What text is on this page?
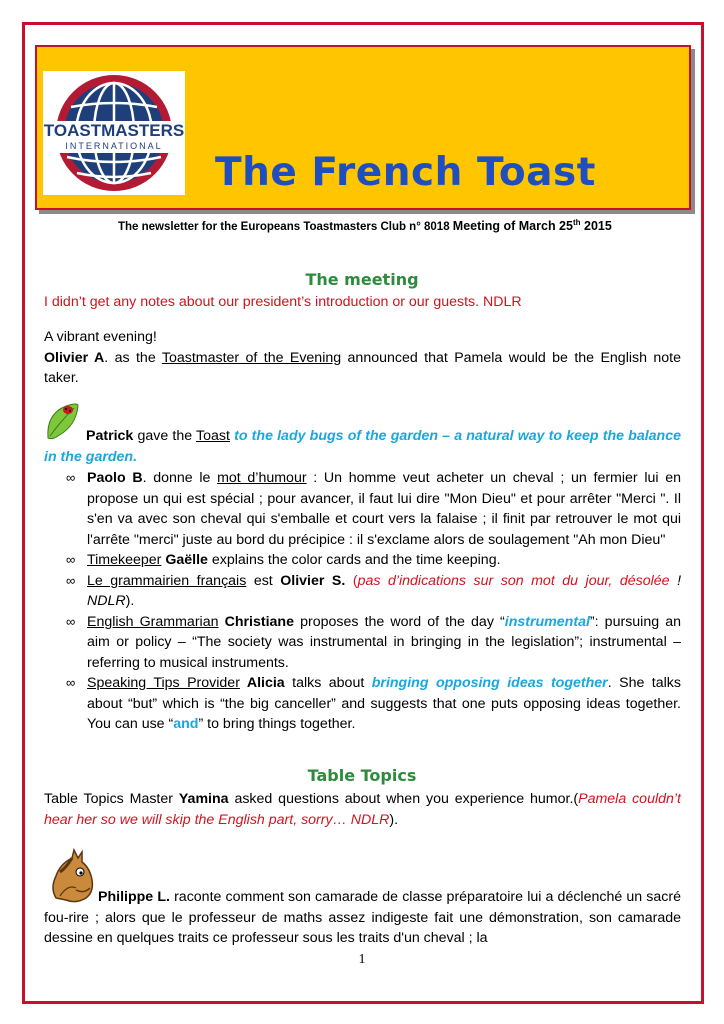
TOASTMASTERS
INTERNATIONAL
The French Toast
The newsletter for the Europeans Toastmasters Club n° 8018 Meeting of March 25th 2015
The meeting
I didn’t get any notes about our president’s introduction or our guests. NDLR
A vibrant evening!
Olivier A. as the Toastmaster of the Evening announced that Pamela would be the English note taker.
Patrick gave the Toast to the lady bugs of the garden – a natural way to keep the balance in the garden.
∞ Paolo B. donne le mot d’humour : Un homme veut acheter un cheval ; un fermier lui en propose un qui est spécial ; pour avancer, il faut lui dire "Mon Dieu" et pour arrêter "Merci ". Il s'en va avec son cheval qui s'emballe et court vers la falaise ; il finit par retrouver le mot qui l'arrête "merci" juste au bord du précipice : il s'exclame alors de soulagement "Ah mon Dieu"
∞ Timekeeper Gaëlle explains the color cards and the time keeping.
∞ Le grammairien français est Olivier S. (pas d’indications sur son mot du jour, désolée ! NDLR).
∞ English Grammarian Christiane proposes the word of the day “instrumental”: pursuing an aim or policy – “The society was instrumental in bringing in the legislation”; instrumental – referring to musical instruments.
∞ Speaking Tips Provider Alicia talks about bringing opposing ideas together. She talks about “but” which is “the big canceller” and suggests that one puts opposing ideas together. You can use “and” to bring things together.
Table Topics
Table Topics Master Yamina asked questions about when you experience humor.(Pamela couldn’t hear her so we will skip the English part, sorry… NDLR).
Philippe L. raconte comment son camarade de classe préparatoire lui a déclenché un sacré fou-rire ; alors que le professeur de maths assez indigeste fait une démonstration, son camarade dessine en quelques traits ce professeur sous les traits d'un cheval ; la
1
